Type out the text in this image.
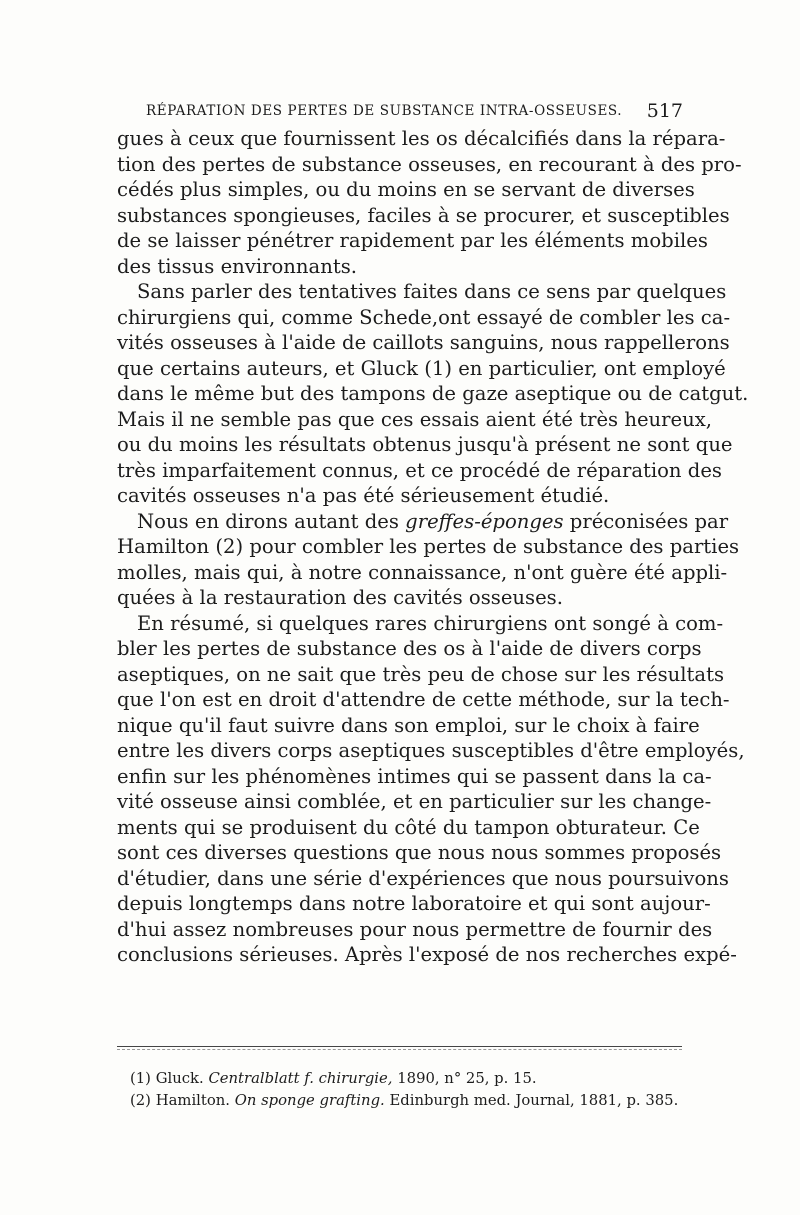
RÉPARATION DES PERTES DE SUBSTANCE INTRA-OSSEUSES. 517
gues à ceux que fournissent les os décalcifiés dans la répara-
tion des pertes de substance osseuses, en recourant à des pro-
cédés plus simples, ou du moins en se servant de diverses
substances spongieuses, faciles à se procurer, et susceptibles
de se laisser pénétrer rapidement par les éléments mobiles
des tissus environnants.
Sans parler des tentatives faites dans ce sens par quelques
chirurgiens qui, comme Schede,ont essayé de combler les ca-
vités osseuses à l'aide de caillots sanguins, nous rappellerons
que certains auteurs, et Gluck (1) en particulier, ont employé
dans le même but des tampons de gaze aseptique ou de catgut.
Mais il ne semble pas que ces essais aient été très heureux,
ou du moins les résultats obtenus jusqu'à présent ne sont que
très imparfaitement connus, et ce procédé de réparation des
cavités osseuses n'a pas été sérieusement étudié.
Nous en dirons autant des greffes-éponges préconisées par
Hamilton (2) pour combler les pertes de substance des parties
molles, mais qui, à notre connaissance, n'ont guère été appli-
quées à la restauration des cavités osseuses.
En résumé, si quelques rares chirurgiens ont songé à com-
bler les pertes de substance des os à l'aide de divers corps
aseptiques, on ne sait que très peu de chose sur les résultats
que l'on est en droit d'attendre de cette méthode, sur la tech-
nique qu'il faut suivre dans son emploi, sur le choix à faire
entre les divers corps aseptiques susceptibles d'être employés,
enfin sur les phénomènes intimes qui se passent dans la ca-
vité osseuse ainsi comblée, et en particulier sur les change-
ments qui se produisent du côté du tampon obturateur. Ce
sont ces diverses questions que nous nous sommes proposés
d'étudier, dans une série d'expériences que nous poursuivons
depuis longtemps dans notre laboratoire et qui sont aujour-
d'hui assez nombreuses pour nous permettre de fournir des
conclusions sérieuses. Après l'exposé de nos recherches expé-
(1) Gluck. Centralblatt f. chirurgie, 1890, n° 25, p. 15.
(2) Hamilton. On sponge grafting. Edinburgh med. Journal, 1881, p. 385.
